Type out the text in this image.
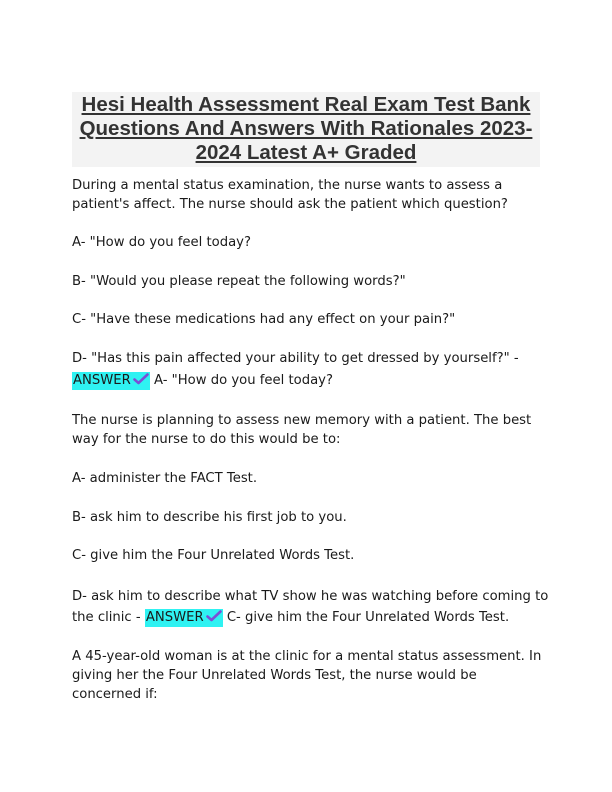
Hesi Health Assessment Real Exam Test Bank
Questions And Answers With Rationales 2023-
2024 Latest A+ Graded
During a mental status examination, the nurse wants to assess a
patient's affect. The nurse should ask the patient which question?
A- "How do you feel today?
B- "Would you please repeat the following words?"
C- "Have these medications had any effect on your pain?"
D- "Has this pain affected your ability to get dressed by yourself?" -
ANSWER A- "How do you feel today?
The nurse is planning to assess new memory with a patient. The best
way for the nurse to do this would be to:
A- administer the FACT Test.
B- ask him to describe his first job to you.
C- give him the Four Unrelated Words Test.
D- ask him to describe what TV show he was watching before coming to
the clinic - ANSWER C- give him the Four Unrelated Words Test.
A 45-year-old woman is at the clinic for a mental status assessment. In
giving her the Four Unrelated Words Test, the nurse would be
concerned if:
